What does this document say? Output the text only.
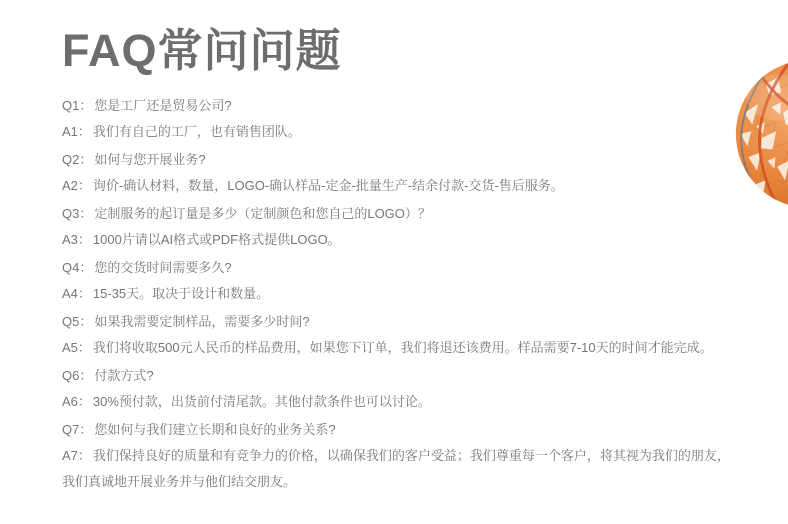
FAQ常问问题

Q1： 您是工厂还是贸易公司?

A1： 我们有自己的工厂，也有销售团队。

Q2： 如何与您开展业务?

A2： 询价-确认材料，数量，LOGO-确认样品-定金-批量生产-结余付款-交货-售后服务。

Q3： 定制服务的起订量是多少（定制颜色和您自己的LOGO）？

A3： 1000片请以AI格式或PDF格式提供LOGO。

Q4： 您的交货时间需要多久?

A4： 15-35天。取决于设计和数量。

Q5： 如果我需要定制样品，需要多少时间?

A5： 我们将收取500元人民币的样品费用，如果您下订单，我们将退还该费用。样品需要7-10天的时间才能完成。

Q6： 付款方式?

A6： 30%预付款，出货前付清尾款。其他付款条件也可以讨论。

Q7： 您如何与我们建立长期和良好的业务关系?

A7： 我们保持良好的质量和有竞争力的价格，以确保我们的客户受益；我们尊重每一个客户，将其视为我们的朋友，我们真诚地开展业务并与他们结交朋友。
